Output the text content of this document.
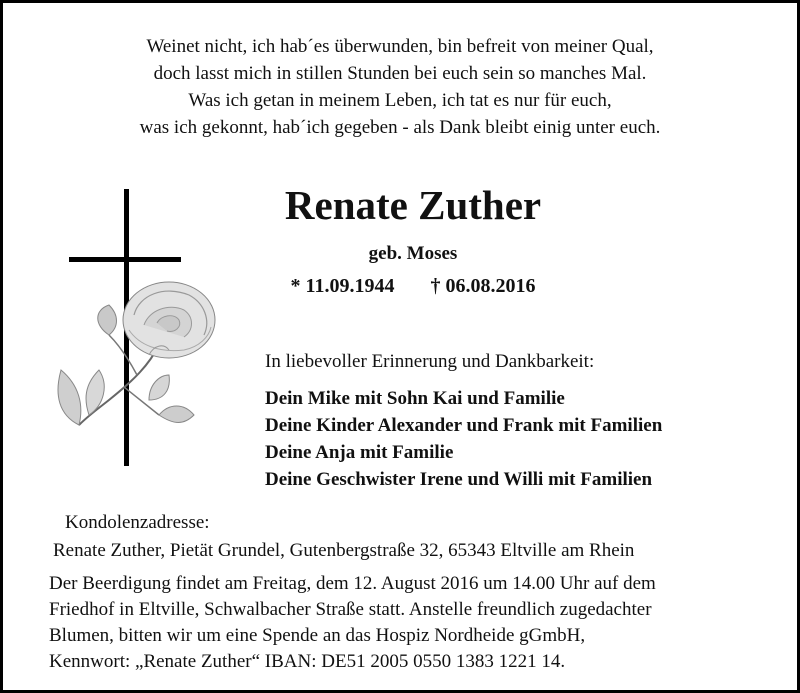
Weinet nicht, ich hab´es überwunden, bin befreit von meiner Qual,
doch lasst mich in stillen Stunden bei euch sein so manches Mal.
Was ich getan in meinem Leben, ich tat es nur für euch,
was ich gekonnt, hab´ich gegeben - als Dank bleibt einig unter euch.
Renate Zuther
geb. Moses
* 11.09.1944 † 06.08.2016
In liebevoller Erinnerung und Dankbarkeit:
Dein Mike mit Sohn Kai und Familie
Deine Kinder Alexander und Frank mit Familien
Deine Anja mit Familie
Deine Geschwister Irene und Willi mit Familien
Kondolenzadresse:
Renate Zuther, Pietät Grundel, Gutenbergstraße 32, 65343 Eltville am Rhein
Der Beerdigung findet am Freitag, dem 12. August 2016 um 14.00 Uhr auf dem
Friedhof in Eltville, Schwalbacher Straße statt. Anstelle freundlich zugedachter
Blumen, bitten wir um eine Spende an das Hospiz Nordheide gGmbH,
Kennwort: „Renate Zuther“ IBAN: DE51 2005 0550 1383 1221 14.
